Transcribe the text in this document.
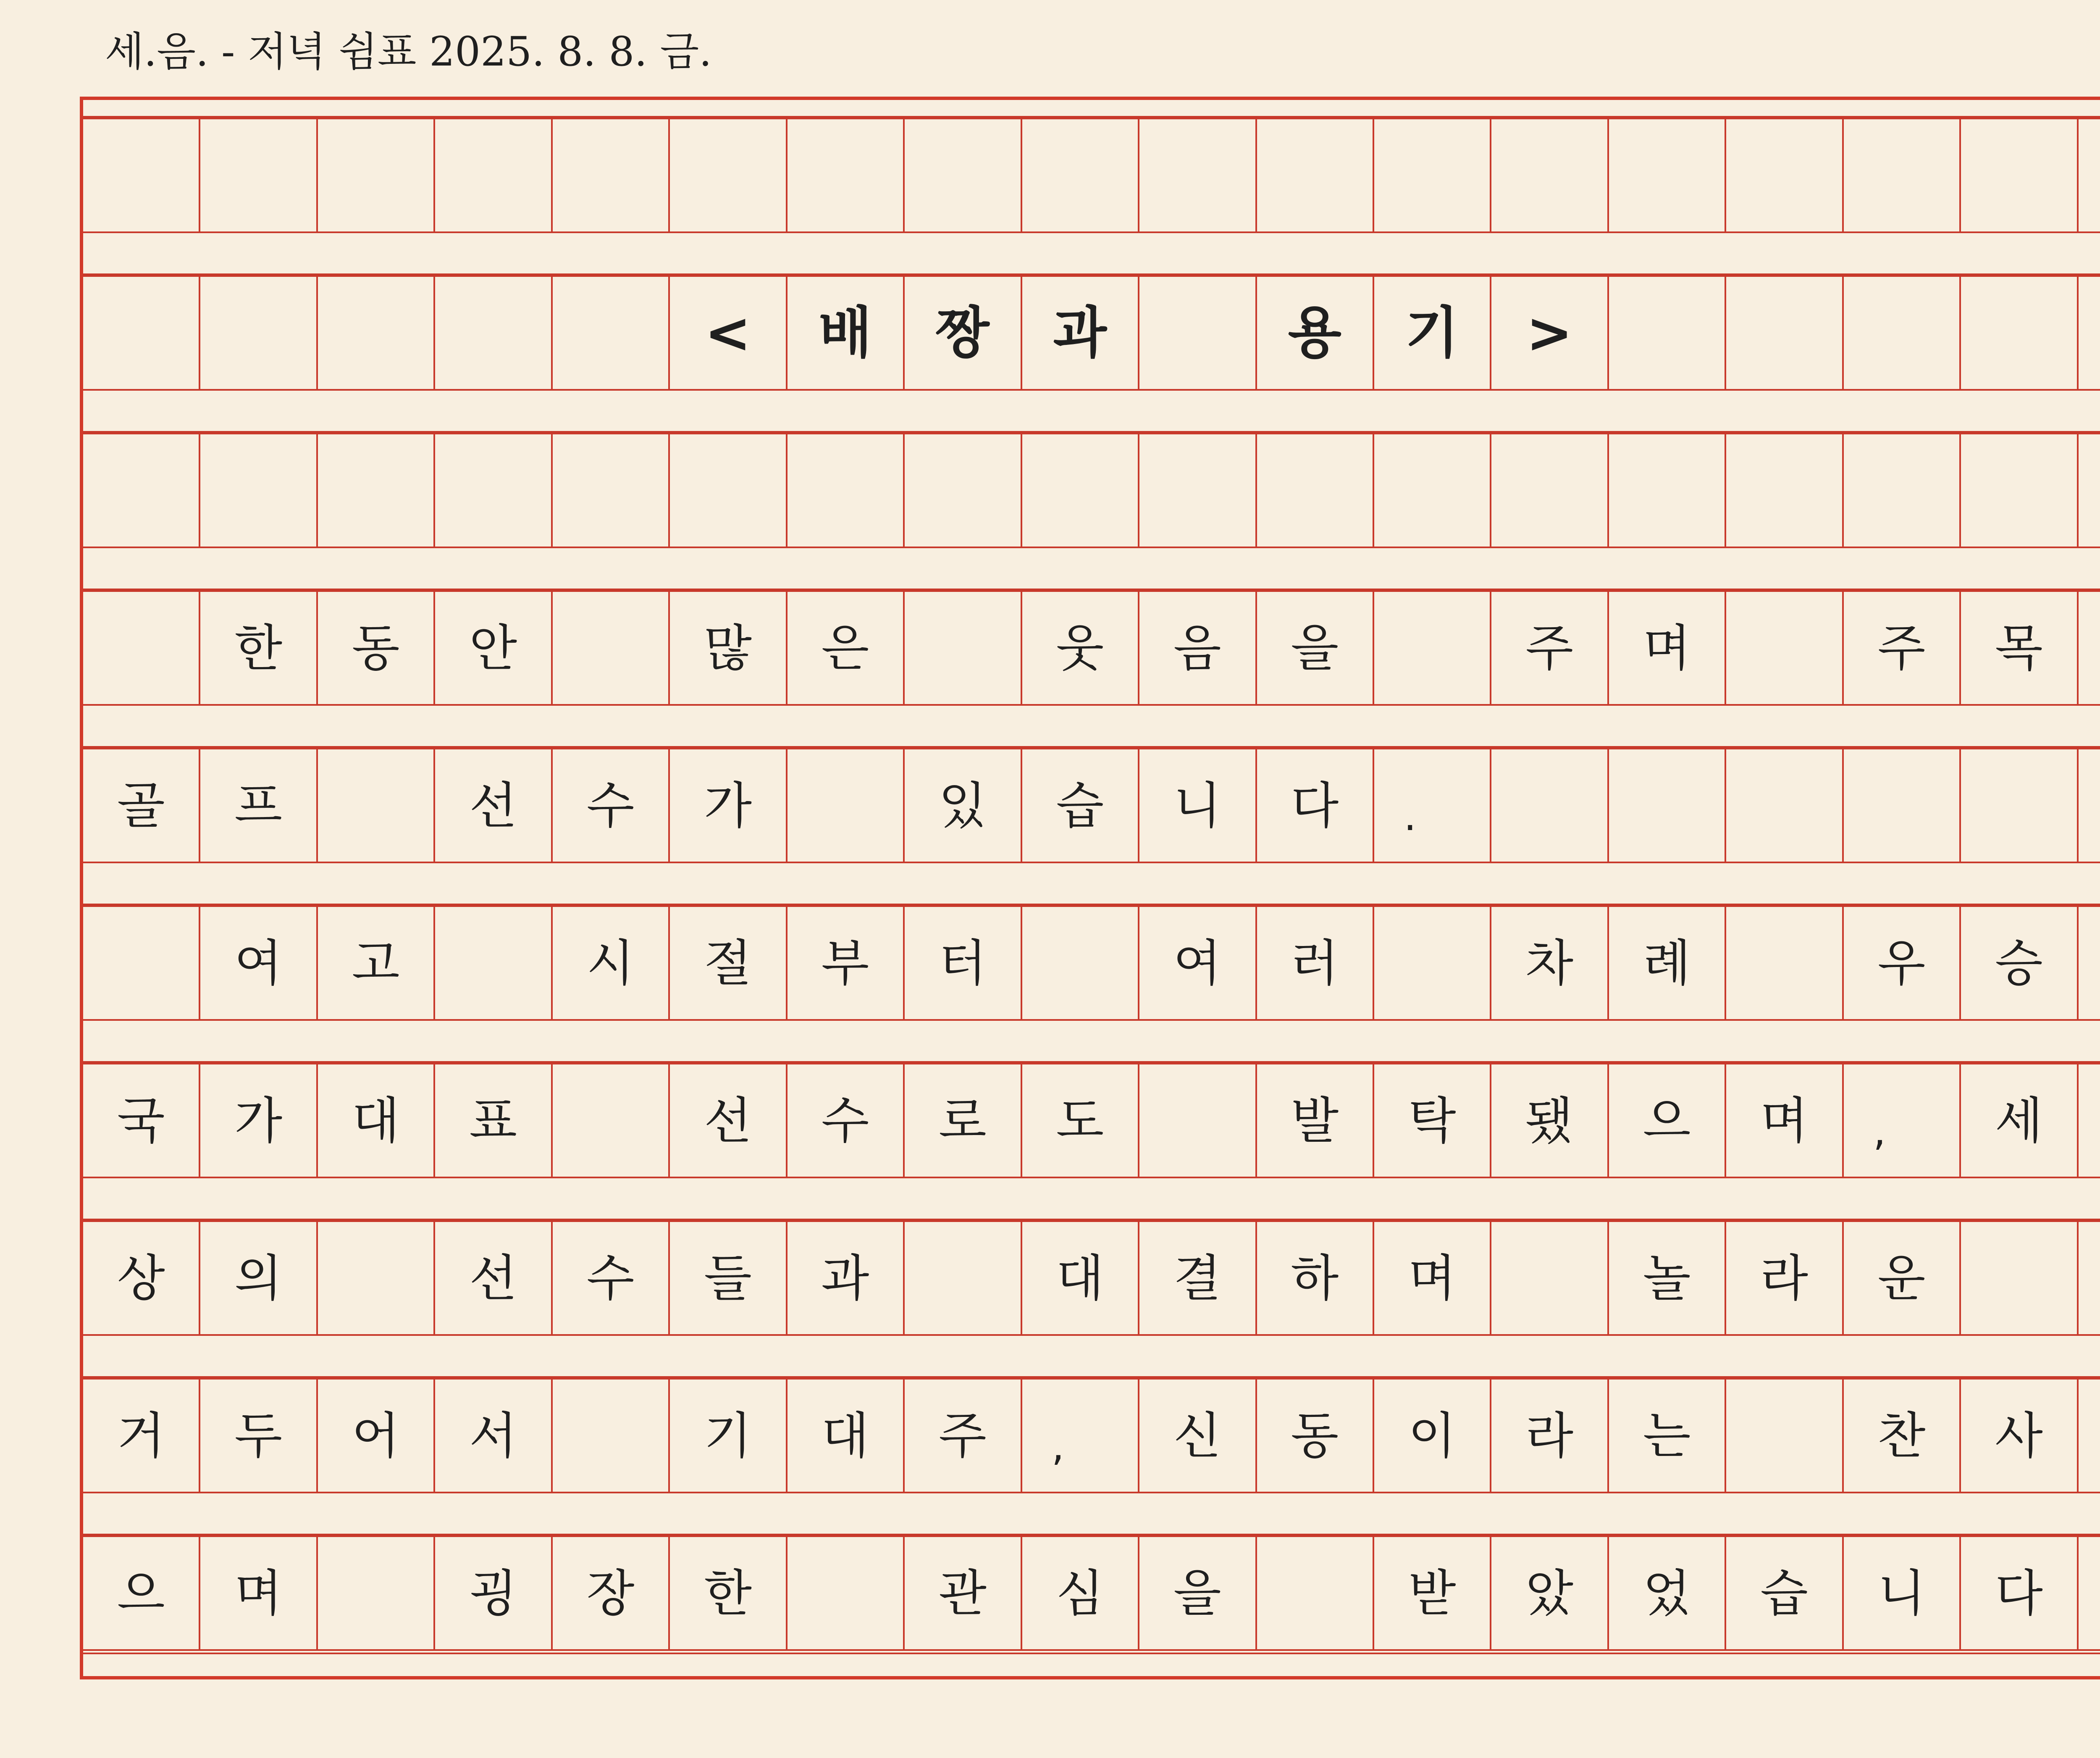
세.음. - 저녁 쉼표 2025. 8. 8. 금.
<	배	짱	과	용	기	>
한	동	안	많	은	웃	음	을	주	며	주	목
골	프	선	수	가	있	습	니	다	.
여	고	시	절	부	터	여	러	차	례	우	승
국	가	대	표	선	수	로	도	발	탁	됐	으	며	,	세
상	의	선	수	들	과	대	결	하	며	놀	라	운
거	두	어	서	기	대	주	,	신	동	이	라	는	찬	사
으	며	굉	장	한	관	심	을	받	았	었	습	니	다
